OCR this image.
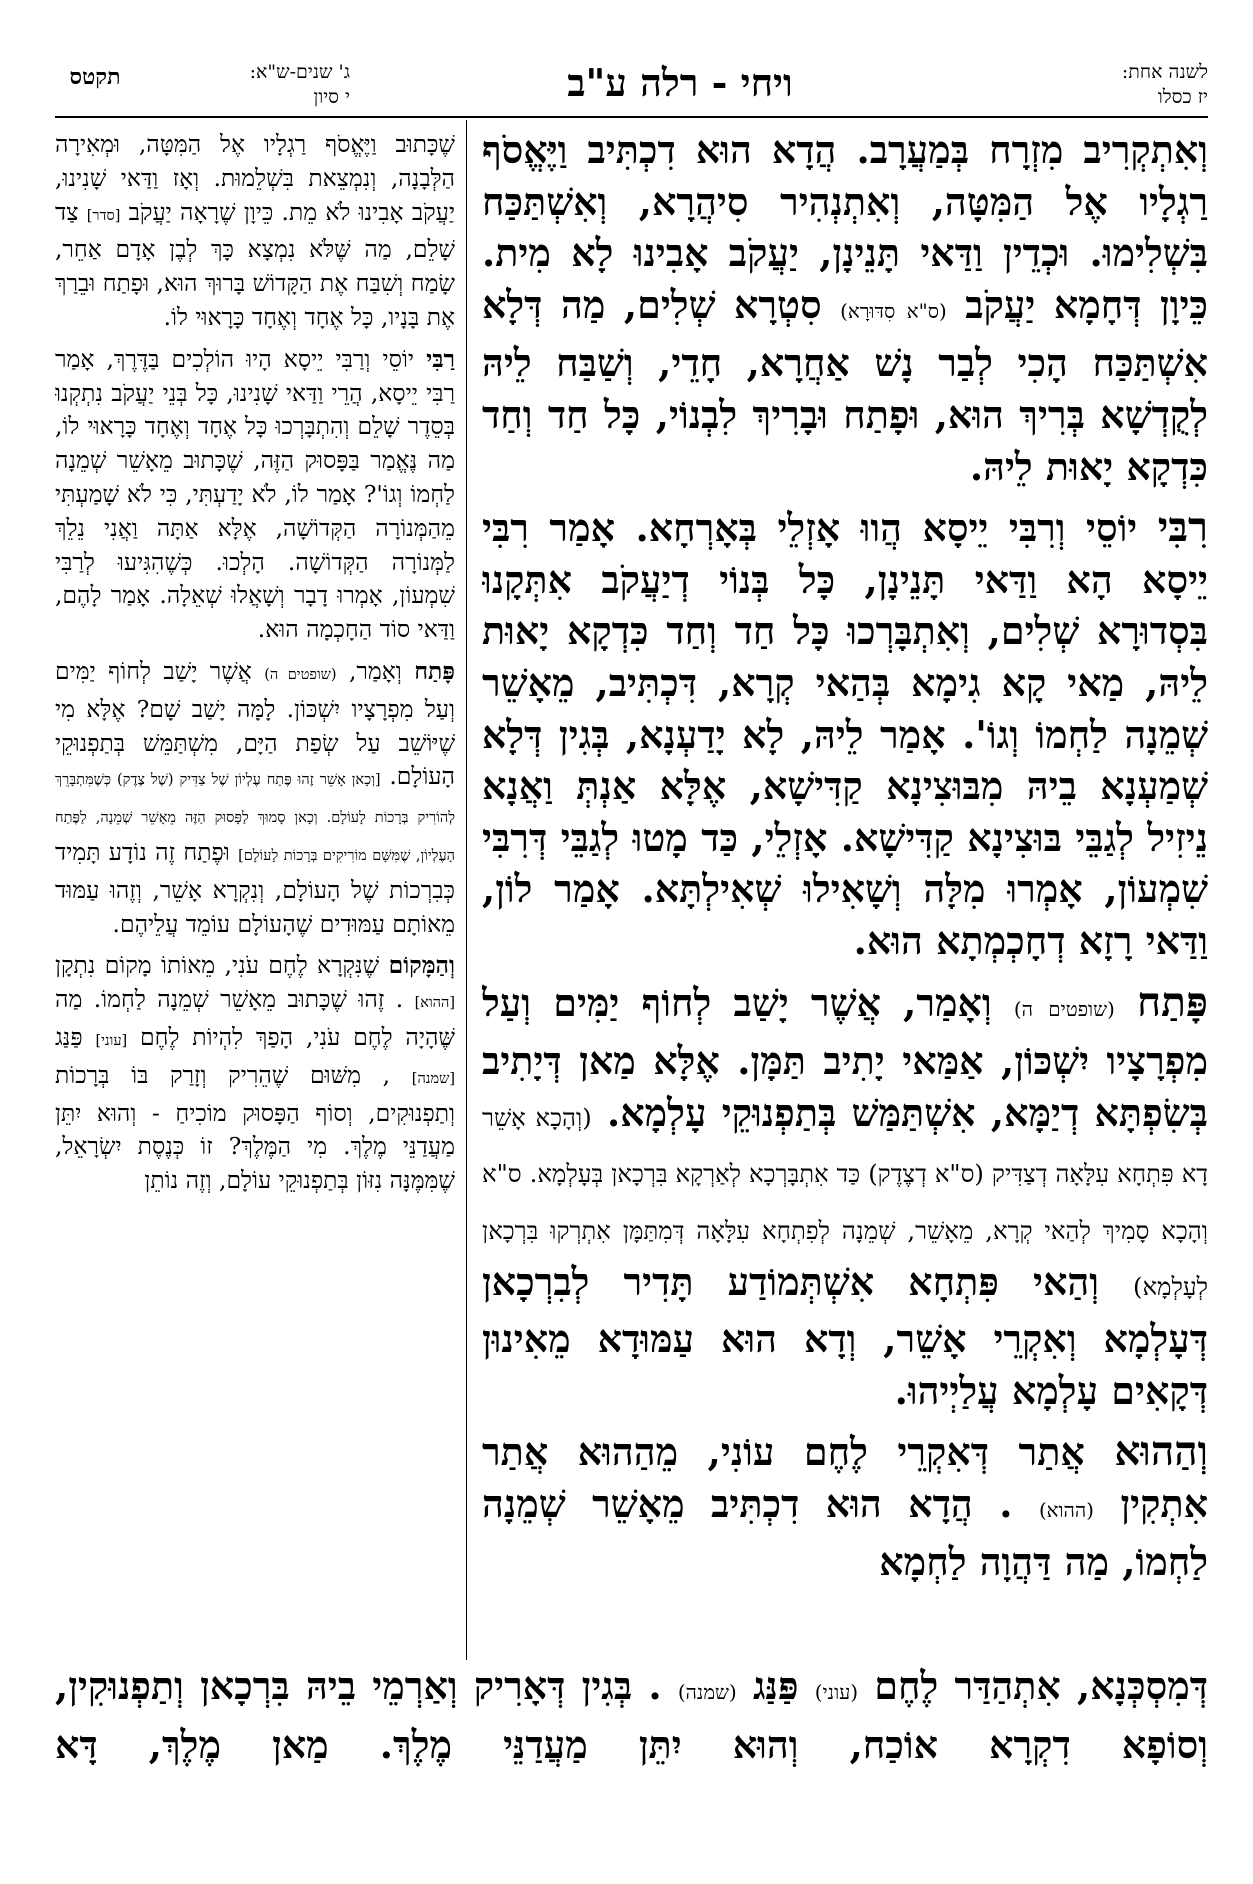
לשנה אחת:
יז כסלו
ויחי - רלה ע"ב
ג' שנים-ש"א:
י סיון
תקטס

וְאִתְקְרִיב מִזְרָח בְּמַעֲרָב. הֲדָא הוּא דִכְתִּיב וַיֶּאֱסֹף רַגְלָיו אֶל הַמִּטָּה, וְאִתְנְהִיר סִיהֲרָא, וְאִשְׁתַּכַּח בִּשְׁלִימוּ. וּכְדֵין וַדַּאי תָּנֵינָן, יַעֲקֹב אָבִינוּ לָא מִית. כֵּיוָן דְּחָמָא יַעֲקֹב (ס"א סִדּוּרָא) סִטְרָא שְׁלִים, מַה דְּלָא אִשְׁתַּכַּח הָכִי לְבַר נָשׁ אַחֲרָא, חָדֵי, וְשַׁבַּח לֵיהּ לְקֻדְשָׁא בְּרִיךְ הוּא, וּפָתַח וּבָרִיךְ לִבְנוֹי, כָּל חַד וְחַד כִּדְקָא יָאוּת לֵיהּ.

רִבִּי יוֹסֵי וְרִבִּי יֵיסָא הֲווּ אָזְלֵי בְּאָרְחָא. אָמַר רִבִּי יֵיסָא הָא וַדַּאי תָּנֵינָן, כָּל בְּנוֹי דְיַעֲקֹב אִתְּקָנוּ בִּסְדוּרָא שְׁלִים, וְאִתְבָּרְכוּ כָּל חַד וְחַד כִּדְקָא יָאוּת לֵיהּ, מַאי קָא גִימָא בְּהַאי קְרָא, דִּכְתִּיב, מֵאָשֵׁר שְׁמֵנָה לַחְמוֹ וְגוֹ'. אָמַר לֵיהּ, לָא יָדַעְנָא, בְּגִין דְּלָא שְׁמַעְנָא בֵיהּ מִבּוּצִינָא קַדִּישָׁא, אֶלָּא אַנְתְּ וַאֲנָא נֵיזִיל לְגַבֵּי בּוּצִינָא קַדִּישָׁא. אָזְלֵי, כַּד מָטוּ לְגַבֵּי דְּרִבִּי שִׁמְעוֹן, אָמְרוּ מִלָּה וְשָׁאִילוּ שְׁאִילְתָּא. אָמַר לוֹן, וַדַּאי רָזָא דְחָכְמְתָא הוּא.

פָּתַח (שופטים ה) וְאָמַר, אֲשֶׁר יָשַׁב לְחוֹף יַמִּים וְעַל מִפְרָצָיו יִשְׁכּוֹן, אַמַּאי יָתִיב תַּמָּן. אֶלָּא מַאן דְּיָתִיב בְּשִׂפְתָּא דְיַמָּא, אִשְׁתַּמַּשׁ בְּתַפְנוּקֵי עָלְמָא. (וְהָכָא אָשֵׁר דָא פִּתְחָא עִלָּאָה דְצַדִּיק (ס"א דְצֶדֶק) כַּד אִתְבָּרְכָא לְאַרְקָא בִּרְכָאן בְּעָלְמָא. ס"א וְהָכָא סָמִיךְ לְהַאי קְרָא, מֵאָשֵׁר, שְׁמֵנָה לְפִתְחָא עִלָּאָה דְּמִתַּמָּן אִתְרְקוּ בִּרְכָאן לְעָלְמָא) וְהַאי פִּתְחָא אִשְׁתְּמוֹדַע תָּדִיר לְבִרְכָאן דְּעָלְמָא וְאִקְרֵי אָשֵׁר, וְדָא הוּא עַמּוּדָא מֵאִינוּן דְּקָאִים עָלְמָא עֲלַיְיהוּ.

וְהַהוּא אֲתַר דְּאִקְרֵי לֶחֶם עוֹנִי, מֵהַהוּא אֲתַר אִתְקִין (ההוא) . הֲדָא הוּא דִכְתִּיב מֵאָשֵׁר שְׁמֵנָה לַחְמוֹ, מַה דַּהֲוָה לַחְמָא

שֶׁכָּתוּב וַיֶּאֱסֹף רַגְלָיו אֶל הַמִּטָּה, וּמְאִירָה הַלְּבָנָה, וְנִמְצֵאת בִּשְׁלֵמוּת. וְאָז וַדַּאי שָׁנִינוּ, יַעֲקֹב אָבִינוּ לֹא מֵת. כֵּיוָן שֶׁרָאָה יַעֲקֹב [סדר] צַד שָׁלֵם, מַה שֶּׁלֹּא נִמְצָא כָּךְ לְבֶן אָדָם אַחֵר, שָׂמַח וְשִׁבַּח אֶת הַקָּדוֹשׁ בָּרוּךְ הוּא, וּפָתַח וּבֵרַךְ אֶת בָּנָיו, כָּל אֶחָד וְאֶחָד כָּרָאוּי לוֹ.

רַבִּי יוֹסֵי וְרַבִּי יֵיסָא הָיוּ הוֹלְכִים בַּדֶּרֶךְ, אָמַר רַבִּי יֵיסָא, הֲרֵי וַדַּאי שָׁנִינוּ, כָּל בְּנֵי יַעֲקֹב נִתְקְנוּ בְּסֵדֶר שָׁלֵם וְהִתְבָּרְכוּ כָּל אֶחָד וְאֶחָד כָּרָאוּי לוֹ, מַה נֶּאֱמַר בַּפָּסוּק הַזֶּה, שֶׁכָּתוּב מֵאָשֵׁר שְׁמֵנָה לַחְמוֹ וְגוֹ'? אָמַר לוֹ, לֹא יָדַעְתִּי, כִּי לֹא שָׁמַעְתִּי מֵהַמְּנוֹרָה הַקְּדוֹשָׁה, אֶלָּא אַתָּה וַאֲנִי נֵלֵךְ לַמְּנוֹרָה הַקְּדוֹשָׁה. הָלְכוּ. כְּשֶׁהִגִּיעוּ לְרַבִּי שִׁמְעוֹן, אָמְרוּ דָבָר וְשָׁאֲלוּ שְׁאֵלָה. אָמַר לָהֶם, וַדַּאי סוֹד הַחָכְמָה הוּא.

פָּתַח וְאָמַר, (שופטים ה) אֲשֶׁר יָשַׁב לְחוֹף יַמִּים וְעַל מִפְרָצָיו יִשְׁכּוֹן. לָמָּה יָשַׁב שָׁם? אֶלָּא מִי שֶׁיּוֹשֵׁב עַל שְׂפַת הַיָּם, מִשְׁתַּמֵּשׁ בְּתַפְנוּקֵי הָעוֹלָם. [וְכָאן אָשֵׁר זֶהוּ פֶּתַח עֶלְיוֹן שֶׁל צַדִּיק (שֶׁל צֶדֶק) כְּשֶׁמִּתְבָּרֵךְ לְהוֹרִיק בְּרָכוֹת לָעוֹלָם. וְכָאן סָמוּךְ לַפָּסוּק הַזֶּה מֵאָשֵׁר שְׁמֵנָה, לַפֶּתַח הָעֶלְיוֹן, שֶׁמִּשָּׁם מוֹרִיקִים בְּרָכוֹת לָעוֹלָם] וּפֶתַח זֶה נוֹדָע תָּמִיד כְּבִרְכוֹת שֶׁל הָעוֹלָם, וְנִקְרָא אָשֵׁר, וְזֶהוּ עַמּוּד מֵאוֹתָם עַמּוּדִים שֶׁהָעוֹלָם עוֹמֵד עֲלֵיהֶם.

וְהַמָּקוֹם שֶׁנִּקְרָא לֶחֶם עֹנִי, מֵאוֹתוֹ מָקוֹם נִתְקָן [ההוא] . זֶהוּ שֶׁכָּתוּב מֵאָשֵׁר שְׁמֵנָה לַחְמוֹ. מַה שֶּׁהָיָה לֶחֶם עֹנִי, הָפַךְ לִהְיוֹת לֶחֶם [עוני] פַּנַּג [שמנה] , מִשּׁוּם שֶׁהֵרִיק וְזָרַק בּוֹ בְּרָכוֹת וְתַפְנוּקִים, וְסוֹף הַפָּסוּק מוֹכִיחַ - וְהוּא יִתֵּן מַעֲדַנֵּי מֶלֶךְ. מִי הַמֶּלֶךְ? זוֹ כְּנֶסֶת יִשְׂרָאֵל, שֶׁמִּמֶּנָּה נִזּוֹן בְּתַפְנוּקֵי עוֹלָם, וְזֶה נוֹתֵן

דְּמִסְכְּנָא, אִתְהַדַּר לֶחֶם (עוני) פַּנַּג (שמנה) . בְּגִין דְּאָרִיק וְאַרְמֵי בֵיהּ בִּרְכָאן וְתַפְנוּקִין, וְסוֹפָא דִקְרָא אוֹכַח, וְהוּא יִתֵּן מַעֲדַנֵּי מֶלֶךְ. מַאן מֶלֶךְ, דָּא
